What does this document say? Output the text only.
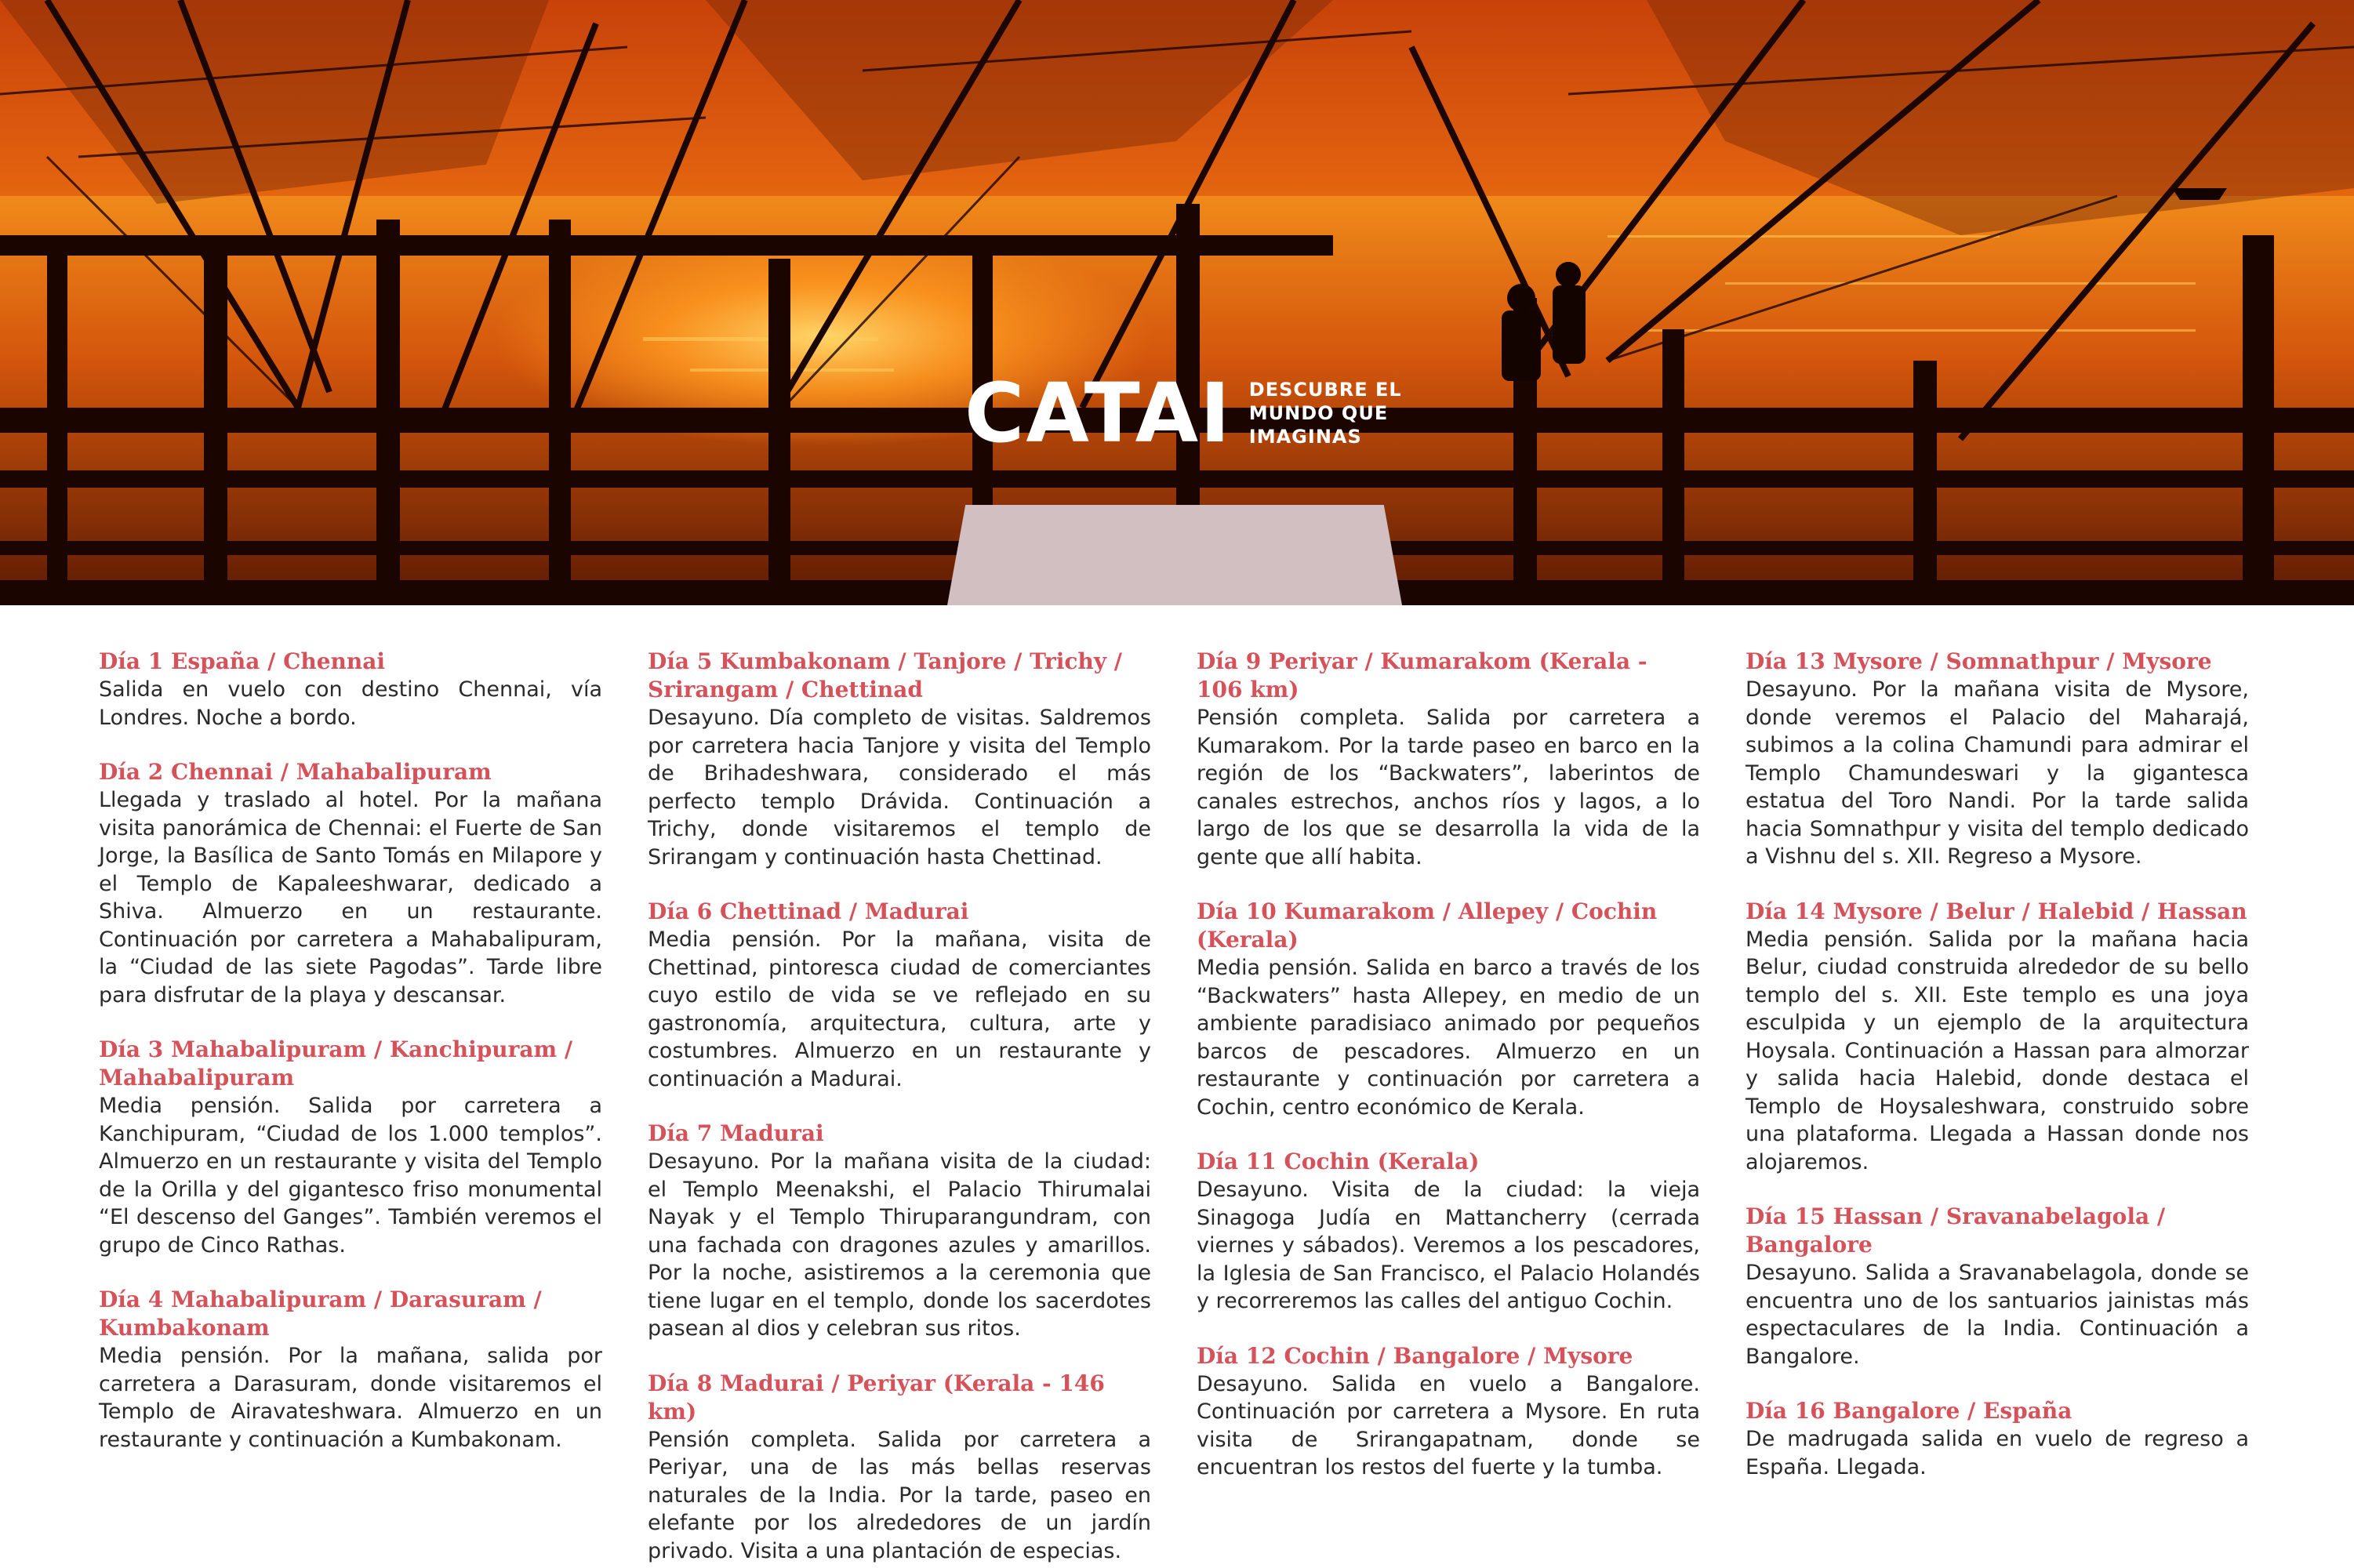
CATAI DESCUBRE EL
MUNDO QUE
IMAGINAS

Día 1 España / Chennai

Salida en vuelo con destino Chennai, vía Londres. Noche a bordo.

Día 2 Chennai / Mahabalipuram

Llegada y traslado al hotel. Por la mañana visita panorámica de Chennai: el Fuerte de San Jorge, la Basílica de Santo Tomás en Milapore y el Templo de Kapaleeshwarar, dedicado a Shiva. Almuerzo en un restaurante. Continuación por carretera a Mahabalipuram, la “Ciudad de las siete Pagodas”. Tarde libre para disfrutar de la playa y descansar.

Día 3 Mahabalipuram / Kanchipuram / Mahabalipuram

Media pensión. Salida por carretera a Kanchipuram, “Ciudad de los 1.000 templos”. Almuerzo en un restaurante y visita del Templo de la Orilla y del gigantesco friso monumental “El descenso del Ganges”. También veremos el grupo de Cinco Rathas.

Día 4 Mahabalipuram / Darasuram / Kumbakonam

Media pensión. Por la mañana, salida por carretera a Darasuram, donde visitaremos el Templo de Airavateshwara. Almuerzo en un restaurante y continuación a Kumbakonam.

Día 5 Kumbakonam / Tanjore / Trichy / Srirangam / Chettinad

Desayuno. Día completo de visitas. Saldremos por carretera hacia Tanjore y visita del Templo de Brihadeshwara, considerado el más perfecto templo Drávida. Continuación a Trichy, donde visitaremos el templo de Srirangam y continuación hasta Chettinad.

Día 6 Chettinad / Madurai

Media pensión. Por la mañana, visita de Chettinad, pintoresca ciudad de comerciantes cuyo estilo de vida se ve reflejado en su gastronomía, arquitectura, cultura, arte y costumbres. Almuerzo en un restaurante y continuación a Madurai.

Día 7 Madurai

Desayuno. Por la mañana visita de la ciudad: el Templo Meenakshi, el Palacio Thirumalai Nayak y el Templo Thiruparangundram, con una fachada con dragones azules y amarillos. Por la noche, asistiremos a la ceremonia que tiene lugar en el templo, donde los sacerdotes pasean al dios y celebran sus ritos.

Día 8 Madurai / Periyar (Kerala - 146 km)

Pensión completa. Salida por carretera a Periyar, una de las más bellas reservas naturales de la India. Por la tarde, paseo en elefante por los alrededores de un jardín privado. Visita a una plantación de especias.

Día 9 Periyar / Kumarakom (Kerala - 106 km)

Pensión completa. Salida por carretera a Kumarakom. Por la tarde paseo en barco en la región de los “Backwaters”, laberintos de canales estrechos, anchos ríos y lagos, a lo largo de los que se desarrolla la vida de la gente que allí habita.

Día 10 Kumarakom / Allepey / Cochin (Kerala)

Media pensión. Salida en barco a través de los “Backwaters” hasta Allepey, en medio de un ambiente paradisiaco animado por pequeños barcos de pescadores. Almuerzo en un restaurante y continuación por carretera a Cochin, centro económico de Kerala.

Día 11 Cochin (Kerala)

Desayuno. Visita de la ciudad: la vieja Sinagoga Judía en Mattancherry (cerrada viernes y sábados). Veremos a los pescadores, la Iglesia de San Francisco, el Palacio Holandés y recorreremos las calles del antiguo Cochin.

Día 12 Cochin / Bangalore / Mysore

Desayuno. Salida en vuelo a Bangalore. Continuación por carretera a Mysore. En ruta visita de Srirangapatnam, donde se encuentran los restos del fuerte y la tumba.

Día 13 Mysore / Somnathpur / Mysore

Desayuno. Por la mañana visita de Mysore, donde veremos el Palacio del Maharajá, subimos a la colina Chamundi para admirar el Templo Chamundeswari y la gigantesca estatua del Toro Nandi. Por la tarde salida hacia Somnathpur y visita del templo dedicado a Vishnu del s. XII. Regreso a Mysore.

Día 14 Mysore / Belur / Halebid / Hassan

Media pensión. Salida por la mañana hacia Belur, ciudad construida alrededor de su bello templo del s. XII. Este templo es una joya esculpida y un ejemplo de la arquitectura Hoysala. Continuación a Hassan para almorzar y salida hacia Halebid, donde destaca el Templo de Hoysaleshwara, construido sobre una plataforma. Llegada a Hassan donde nos alojaremos.

Día 15 Hassan / Sravanabelagola / Bangalore

Desayuno. Salida a Sravanabelagola, donde se encuentra uno de los santuarios jainistas más espectaculares de la India. Continuación a Bangalore.

Día 16 Bangalore / España

De madrugada salida en vuelo de regreso a España. Llegada.
